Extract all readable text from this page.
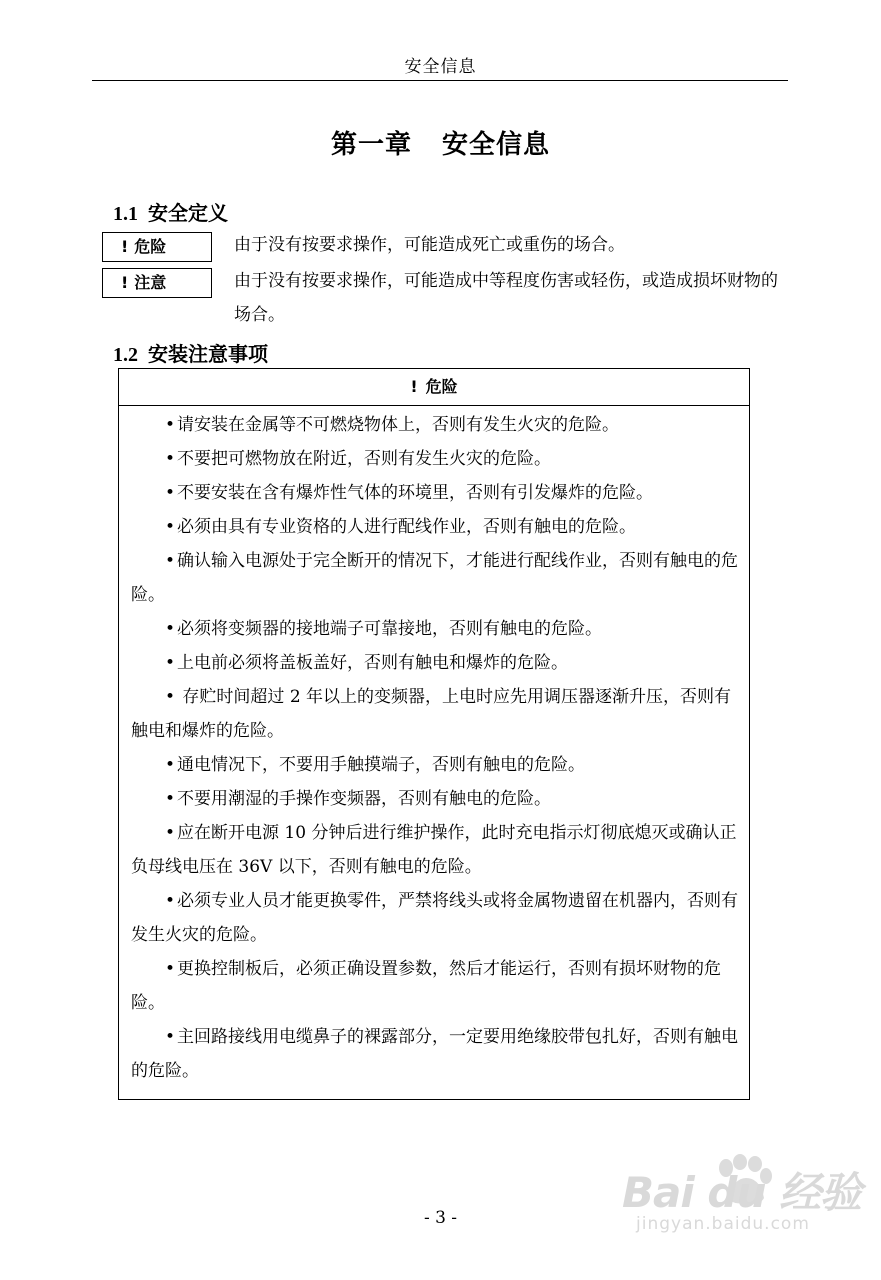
安全信息
第一章 安全信息
1.1 安全定义
! 危险	由于没有按要求操作，可能造成死亡或重伤的场合。
! 注意	由于没有按要求操作，可能造成中等程度伤害或轻伤，或造成损坏财物的场合。
1.2 安装注意事项
! 危险
• 请安装在金属等不可燃烧物体上，否则有发生火灾的危险。
• 不要把可燃物放在附近，否则有发生火灾的危险。
• 不要安装在含有爆炸性气体的环境里，否则有引发爆炸的危险。
• 必须由具有专业资格的人进行配线作业，否则有触电的危险。
• 确认输入电源处于完全断开的情况下，才能进行配线作业，否则有触电的危险。
• 必须将变频器的接地端子可靠接地，否则有触电的危险。
• 上电前必须将盖板盖好，否则有触电和爆炸的危险。
• 存贮时间超过 2 年以上的变频器，上电时应先用调压器逐渐升压，否则有触电和爆炸的危险。
• 通电情况下，不要用手触摸端子，否则有触电的危险。
• 不要用潮湿的手操作变频器，否则有触电的危险。
• 应在断开电源 10 分钟后进行维护操作，此时充电指示灯彻底熄灭或确认正负母线电压在 36V 以下，否则有触电的危险。
• 必须专业人员才能更换零件，严禁将线头或将金属物遗留在机器内，否则有发生火灾的危险。
• 更换控制板后，必须正确设置参数，然后才能运行，否则有损坏财物的危险。
• 主回路接线用电缆鼻子的裸露部分，一定要用绝缘胶带包扎好，否则有触电的危险。
- 3 -
Bai du 经验
jingyan.baidu.com
